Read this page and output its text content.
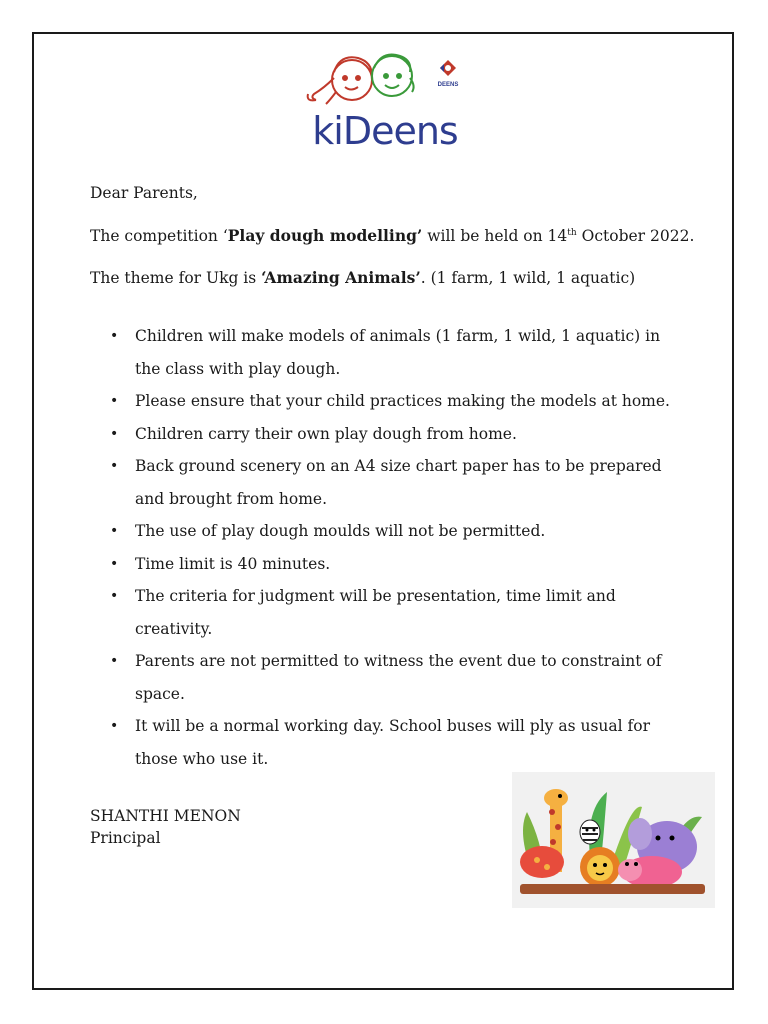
DEENS
kiDeens
Dear Parents,
The competition ‘Play dough modelling’ will be held on 14th October 2022.
The theme for Ukg is ‘Amazing Animals’. (1 farm, 1 wild, 1 aquatic)
• Children will make models of animals (1 farm, 1 wild, 1 aquatic) in the class with play dough.
• Please ensure that your child practices making the models at home.
• Children carry their own play dough from home.
• Back ground scenery on an A4 size chart paper has to be prepared and brought from home.
• The use of play dough moulds will not be permitted.
• Time limit is 40 minutes.
• The criteria for judgment will be presentation, time limit and creativity.
• Parents are not permitted to witness the event due to constraint of space.
• It will be a normal working day. School buses will ply as usual for those who use it.
SHANTHI MENON
Principal
